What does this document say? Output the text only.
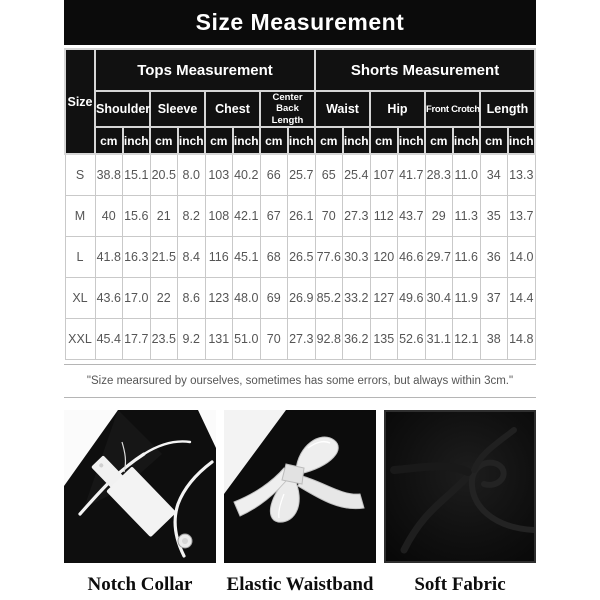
Size Measurement
Size	Tops Measurement								Shorts Measurement							
	Shoulder		Sleeve		Chest		Center Back Length		Waist		Hip		Front Crotch		Length	
	cm	inch	cm	inch	cm	inch	cm	inch	cm	inch	cm	inch	cm	inch	cm	inch
S	38.8	15.1	20.5	8.0	103	40.2	66	25.7	65	25.4	107	41.7	28.3	11.0	34	13.3
M	40	15.6	21	8.2	108	42.1	67	26.1	70	27.3	112	43.7	29	11.3	35	13.7
L	41.8	16.3	21.5	8.4	116	45.1	68	26.5	77.6	30.3	120	46.6	29.7	11.6	36	14.0
XL	43.6	17.0	22	8.6	123	48.0	69	26.9	85.2	33.2	127	49.6	30.4	11.9	37	14.4
XXL	45.4	17.7	23.5	9.2	131	51.0	70	27.3	92.8	36.2	135	52.6	31.1	12.1	38	14.8
"Size mearsured by ourselves, sometimes has some errors, but always within 3cm."
Notch Collar	Elastic Waistband	Soft Fabric
